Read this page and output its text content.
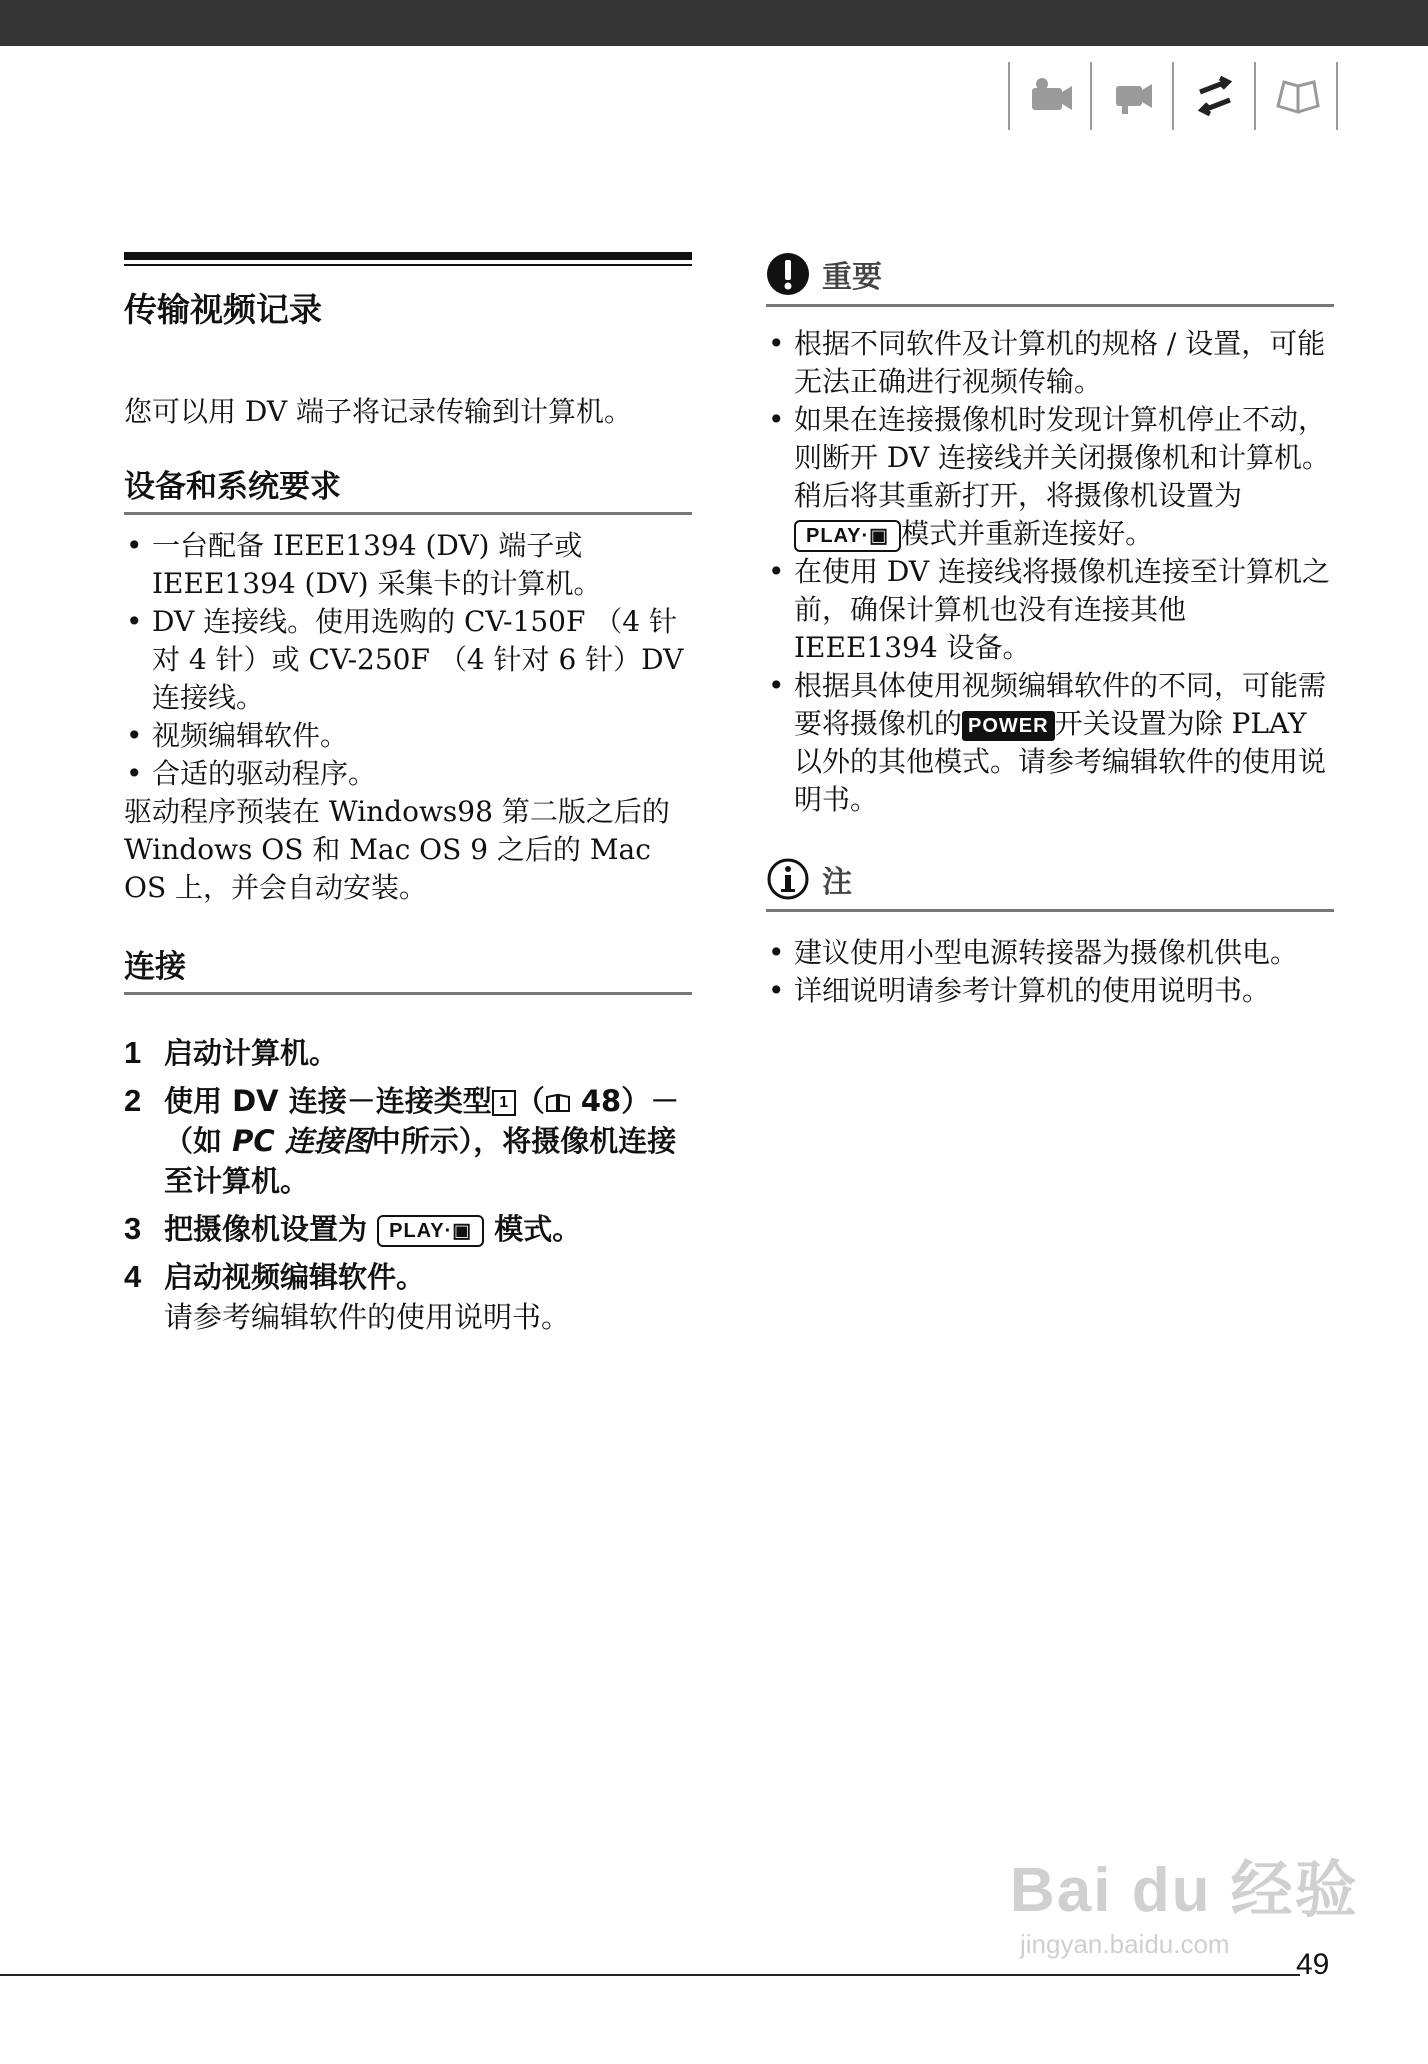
传输视频记录
您可以用 DV 端子将记录传输到计算机。
设备和系统要求
• 一台配备 IEEE1394 (DV) 端子或 IEEE1394 (DV) 采集卡的计算机。
• DV 连接线。使用选购的 CV-150F （4 针对 4 针）或 CV-250F （4 针对 6 针）DV 连接线。
• 视频编辑软件。
• 合适的驱动程序。
驱动程序预装在 Windows98 第二版之后的 Windows OS 和 Mac OS 9 之后的 Mac OS 上，并会自动安装。
连接
1 启动计算机。
2 使用 DV 连接－连接类型 1 （ 48）－（如 PC 连接图中所示），将摄像机连接至计算机。
3 把摄像机设置为 PLAY·▣ 模式。
4 启动视频编辑软件。
请参考编辑软件的使用说明书。
重要
• 根据不同软件及计算机的规格 / 设置，可能无法正确进行视频传输。
• 如果在连接摄像机时发现计算机停止不动，则断开 DV 连接线并关闭摄像机和计算机。稍后将其重新打开，将摄像机设置为 PLAY·▣ 模式并重新连接好。
• 在使用 DV 连接线将摄像机连接至计算机之前，确保计算机也没有连接其他 IEEE1394 设备。
• 根据具体使用视频编辑软件的不同，可能需要将摄像机的 POWER 开关设置为除 PLAY 以外的其他模式。请参考编辑软件的使用说明书。
注
• 建议使用小型电源转接器为摄像机供电。
• 详细说明请参考计算机的使用说明书。
Bai du 经验
jingyan.baidu.com
49
